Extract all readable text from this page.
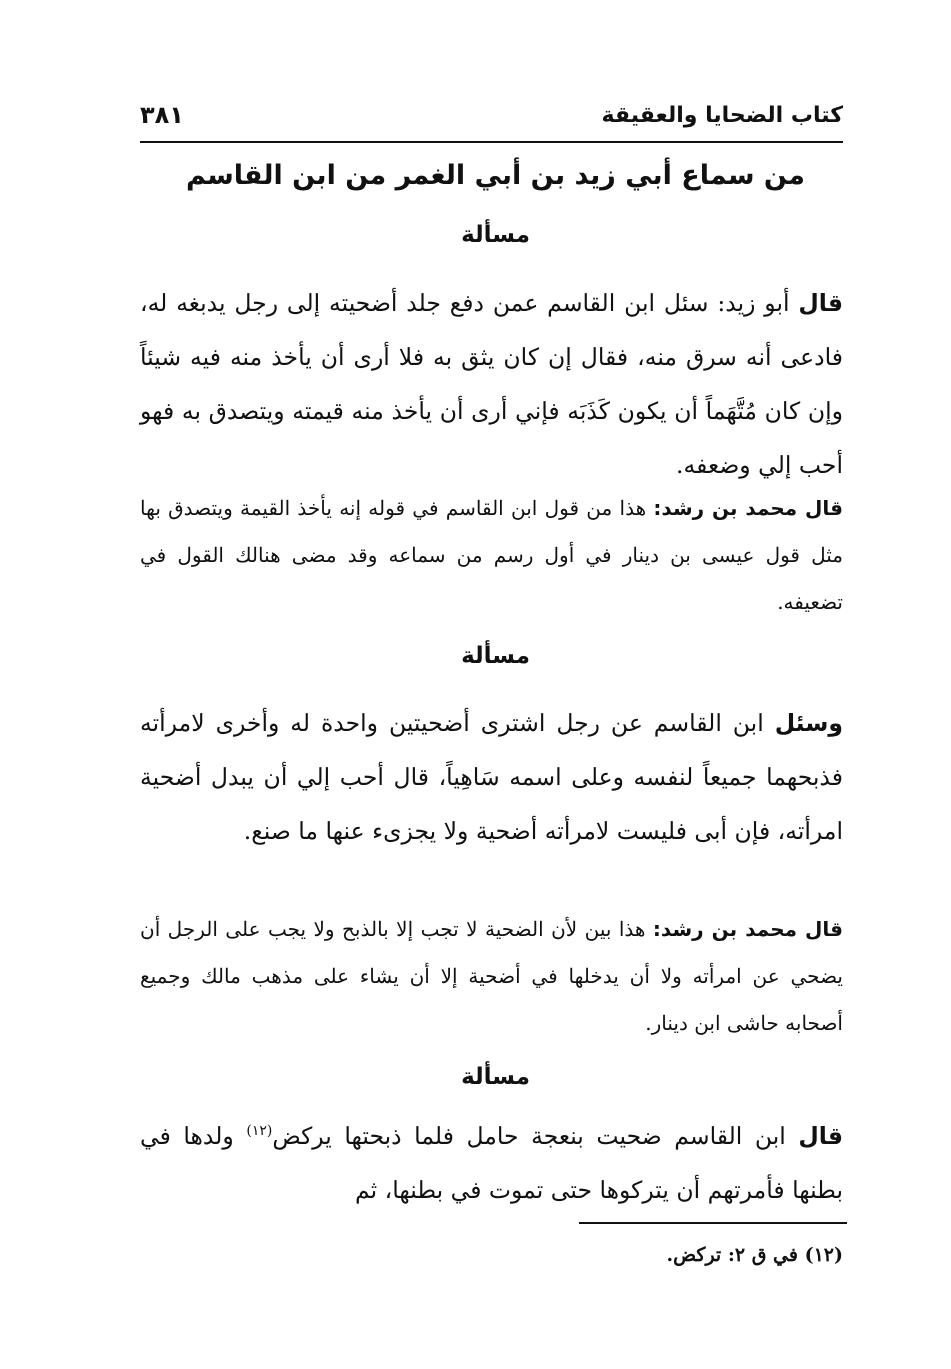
كتاب الضحايا والعقيقة
٣٨١
من سماع أبي زيد بن أبي الغمر من ابن القاسم
مسألة

قال أبو زيد: سئل ابن القاسم عمن دفع جلد أضحيته إلى رجل يدبغه له، فادعى أنه سرق منه، فقال إن كان يثق به فلا أرى أن يأخذ منه فيه شيئاً وإن كان مُتَّهَماً أن يكون كَذَبَه فإني أرى أن يأخذ منه قيمته ويتصدق به فهو أحب إلي وضعفه.

قال محمد بن رشد: هذا من قول ابن القاسم في قوله إنه يأخذ القيمة ويتصدق بها مثل قول عيسى بن دينار في أول رسم من سماعه وقد مضى هنالك القول في تضعيفه.

مسألة

وسئل ابن القاسم عن رجل اشترى أضحيتين واحدة له وأخرى لامرأته فذبحهما جميعاً لنفسه وعلى اسمه سَاهِياً، قال أحب إلي أن يبدل أضحية امرأته، فإن أبى فليست لامرأته أضحية ولا يجزىء عنها ما صنع.

قال محمد بن رشد: هذا بين لأن الضحية لا تجب إلا بالذبح ولا يجب على الرجل أن يضحي عن امرأته ولا أن يدخلها في أضحية إلا أن يشاء على مذهب مالك وجميع أصحابه حاشى ابن دينار.

مسألة

قال ابن القاسم ضحيت بنعجة حامل فلما ذبحتها يركض$^{(١٢)}$ ولدها في بطنها فأمرتهم أن يتركوها حتى تموت في بطنها، ثم

(١٢) في ق ٢: تركض.
